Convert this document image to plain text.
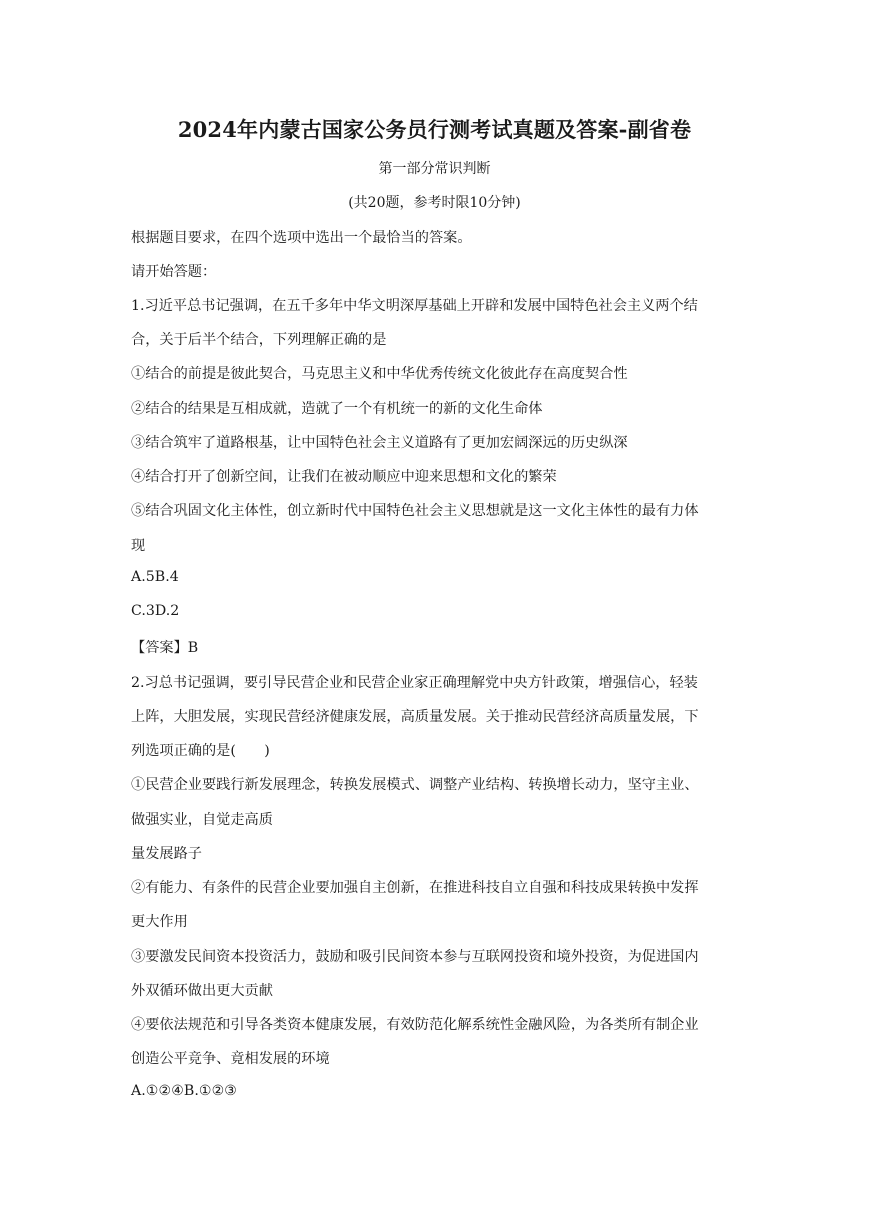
2024年内蒙古国家公务员行测考试真题及答案-副省卷
第一部分常识判断
(共20题，参考时限10分钟)
根据题目要求，在四个选项中选出一个最恰当的答案。
请开始答题：
1.习近平总书记强调，在五千多年中华文明深厚基础上开辟和发展中国特色社会主义两个结
合，关于后半个结合，下列理解正确的是
①结合的前提是彼此契合，马克思主义和中华优秀传统文化彼此存在高度契合性
②结合的结果是互相成就，造就了一个有机统一的新的文化生命体
③结合筑牢了道路根基，让中国特色社会主义道路有了更加宏阔深远的历史纵深
④结合打开了创新空间，让我们在被动顺应中迎来思想和文化的繁荣
⑤结合巩固文化主体性，创立新时代中国特色社会主义思想就是这一文化主体性的最有力体
现
A.5B.4
C.3D.2
【答案】B
2.习总书记强调，要引导民营企业和民营企业家正确理解党中央方针政策，增强信心，轻装
上阵，大胆发展，实现民营经济健康发展，高质量发展。关于推动民营经济高质量发展，下
列选项正确的是(　　)
①民营企业要践行新发展理念，转换发展模式、调整产业结构、转换增长动力，坚守主业、
做强实业，自觉走高质
量发展路子
②有能力、有条件的民营企业要加强自主创新，在推进科技自立自强和科技成果转换中发挥
更大作用
③要激发民间资本投资活力，鼓励和吸引民间资本参与互联网投资和境外投资，为促进国内
外双循环做出更大贡献
④要依法规范和引导各类资本健康发展，有效防范化解系统性金融风险，为各类所有制企业
创造公平竞争、竟相发展的环境
A.①②④B.①②③
